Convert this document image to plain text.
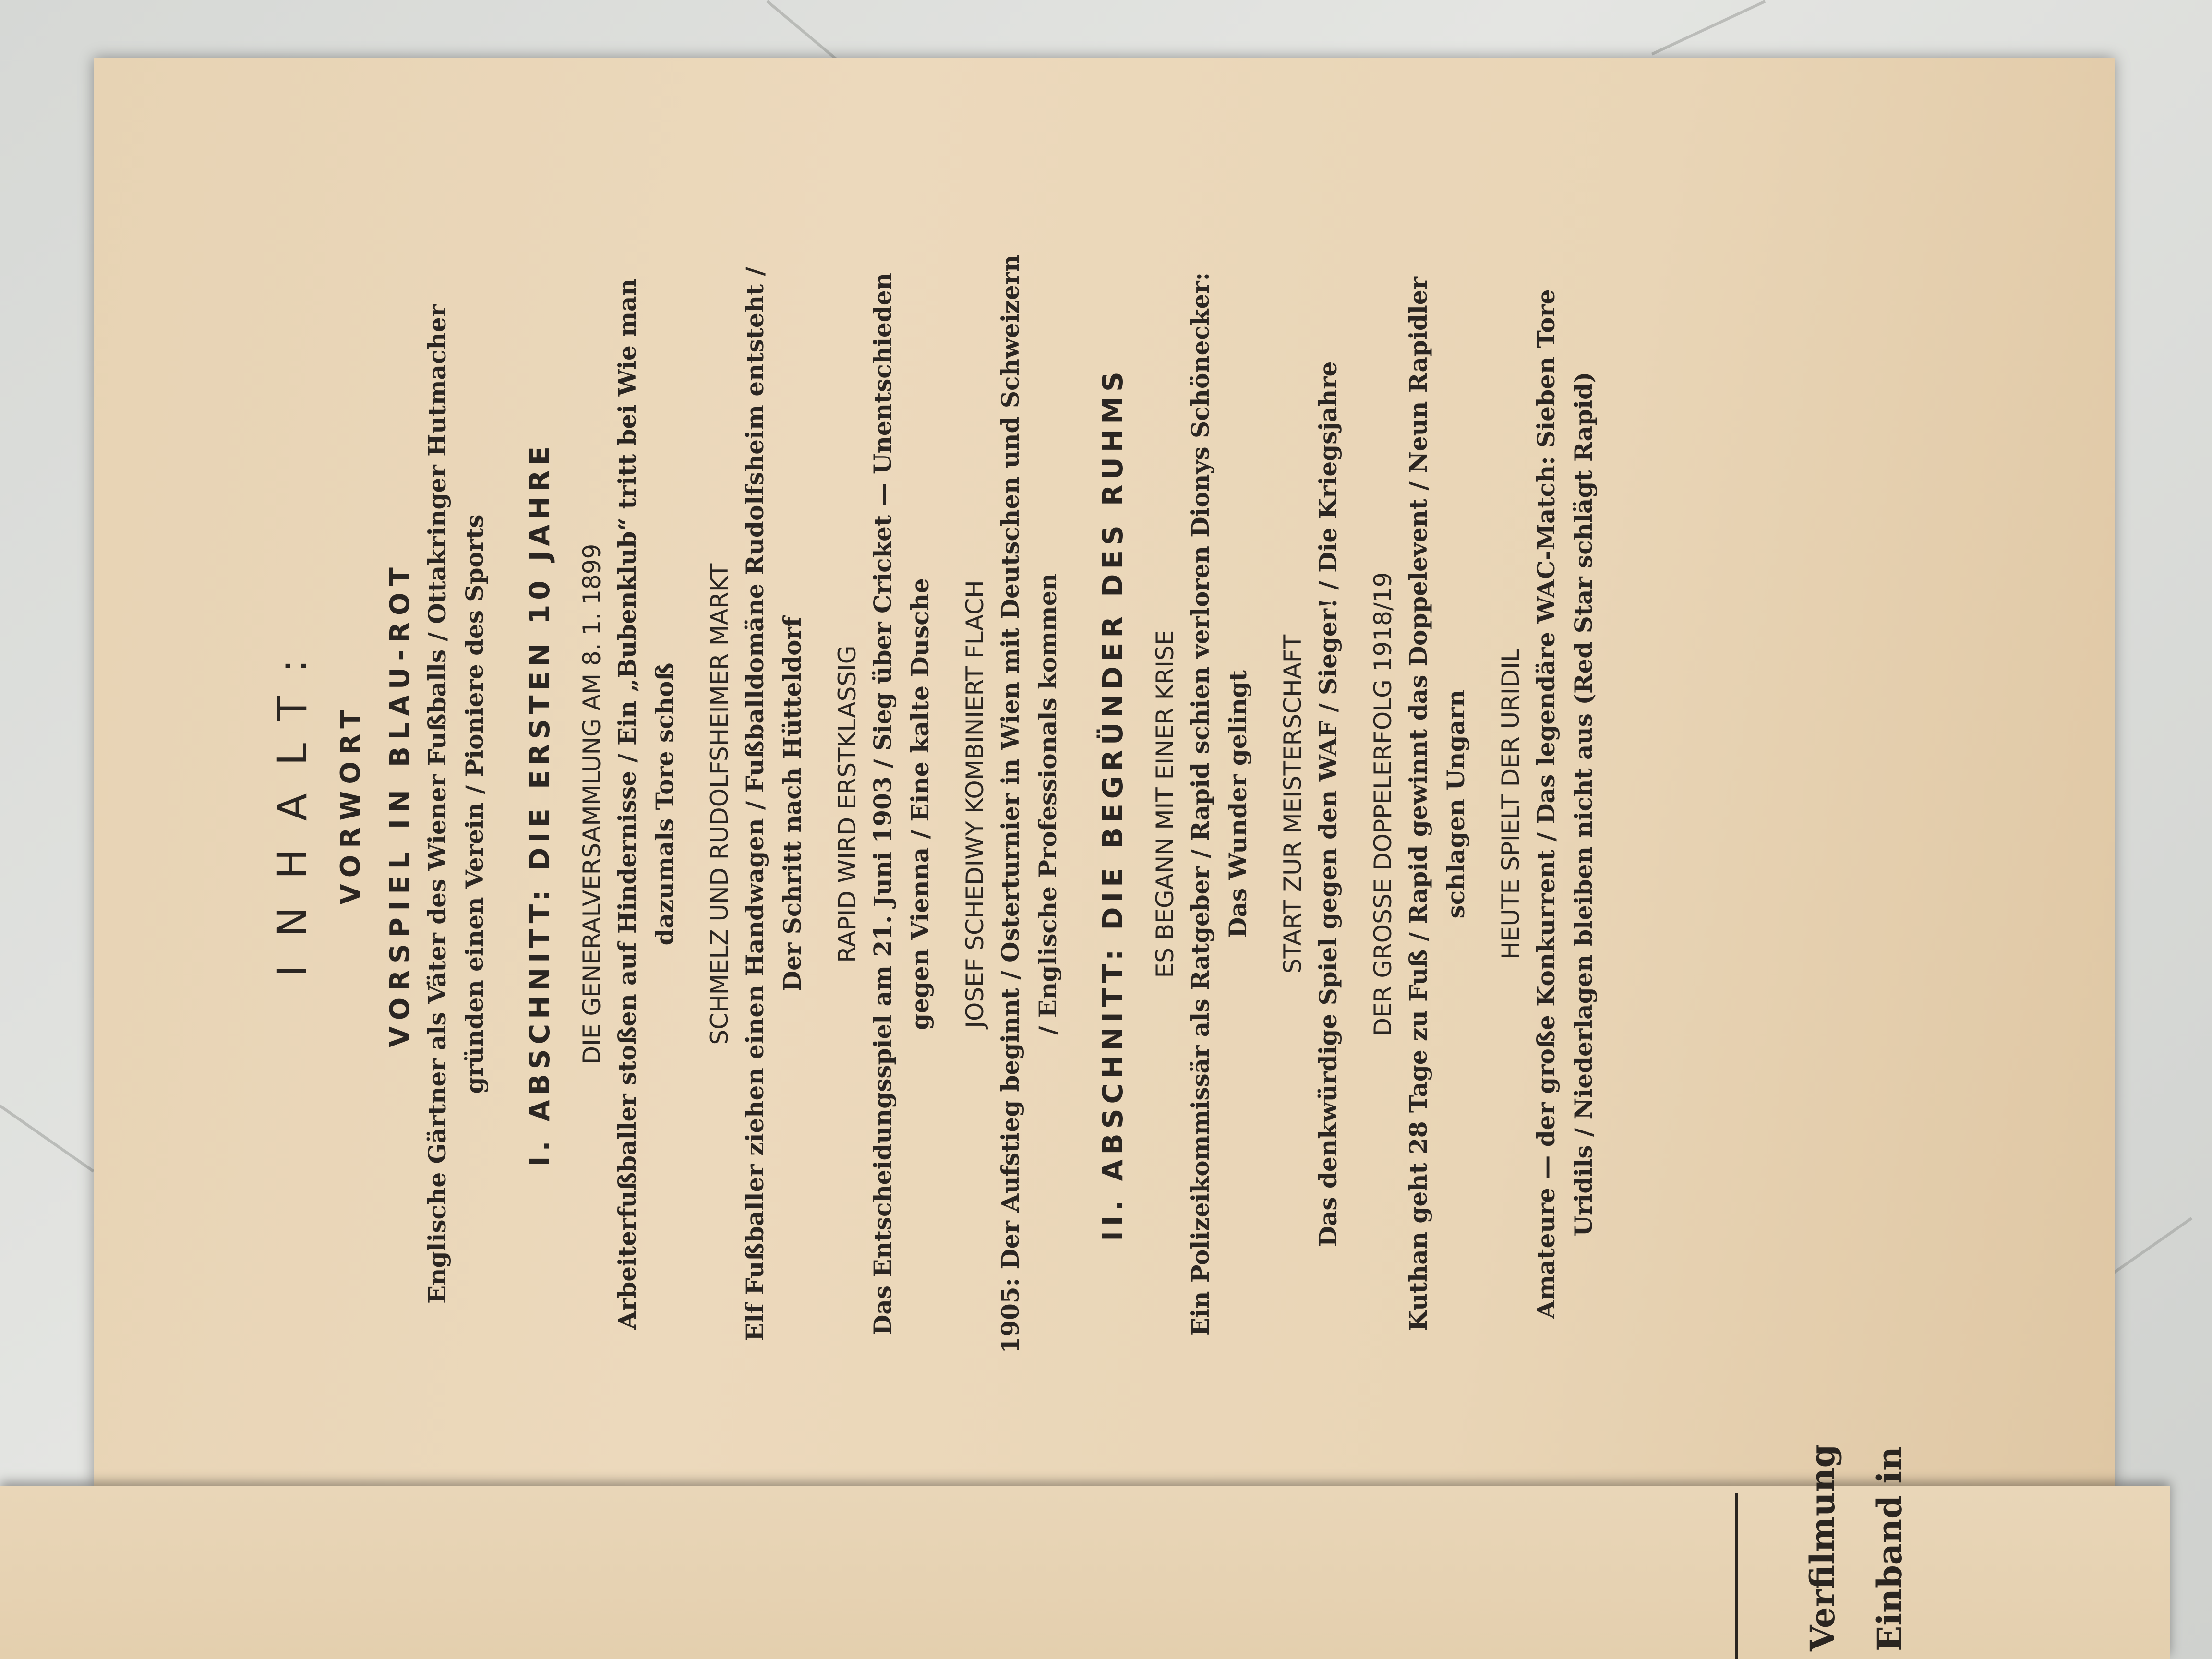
INHALT: VORWORT VORSPIEL IN BLAU-ROT Englische Gärtner als Väter des Wiener Fußballs / Ottakringer Hutmacher gründen einen Verein / Pioniere des Sports I. ABSCHNITT: DIE ERSTEN 10 JAHRE DIE GENERALVERSAMMLUNG AM 8. 1. 1899 Arbeiterfußballer stoßen auf Hindernisse / Ein „Bubenklub“ tritt bei Wie man dazumals Tore schoß SCHMELZ UND RUDOLFSHEIMER MARKT Elf Fußballer ziehen einen Handwagen / Fußballdomäne Rudolfsheim entsteht / Der Schritt nach Hütteldorf RAPID WIRD ERSTKLASSIG Das Entscheidungsspiel am 21. Juni 1903 / Sieg über Cricket — Unentschieden gegen Vienna / Eine kalte Dusche JOSEF SCHEDIWY KOMBINIERT FLACH 1905: Der Aufstieg beginnt / Osterturnier in Wien mit Deutschen und Schweizern / Englische Professionals kommen II. ABSCHNITT: DIE BEGRÜNDER DES RUHMS ES BEGANN MIT EINER KRISE Ein Polizeikommissär als Ratgeber / Rapid schien verloren Dionys Schönecker: Das Wunder gelingt START ZUR MEISTERSCHAFT Das denkwürdige Spiel gegen den WAF / Sieger! / Die Kriegsjahre DER GROSSE DOPPELERFOLG 1918/19 Kuthan geht 28 Tage zu Fuß / Rapid gewinnt das Doppelevent / Neun Rapidler schlagen Ungarn HEUTE SPIELT DER URIDIL Amateure — der große Konkurrent / Das legendäre WAC-Match: Sieben Tore Uridils / Niederlagen bleiben nicht aus (Red Star schlägt Rapid)

Verfilmung Einband in
